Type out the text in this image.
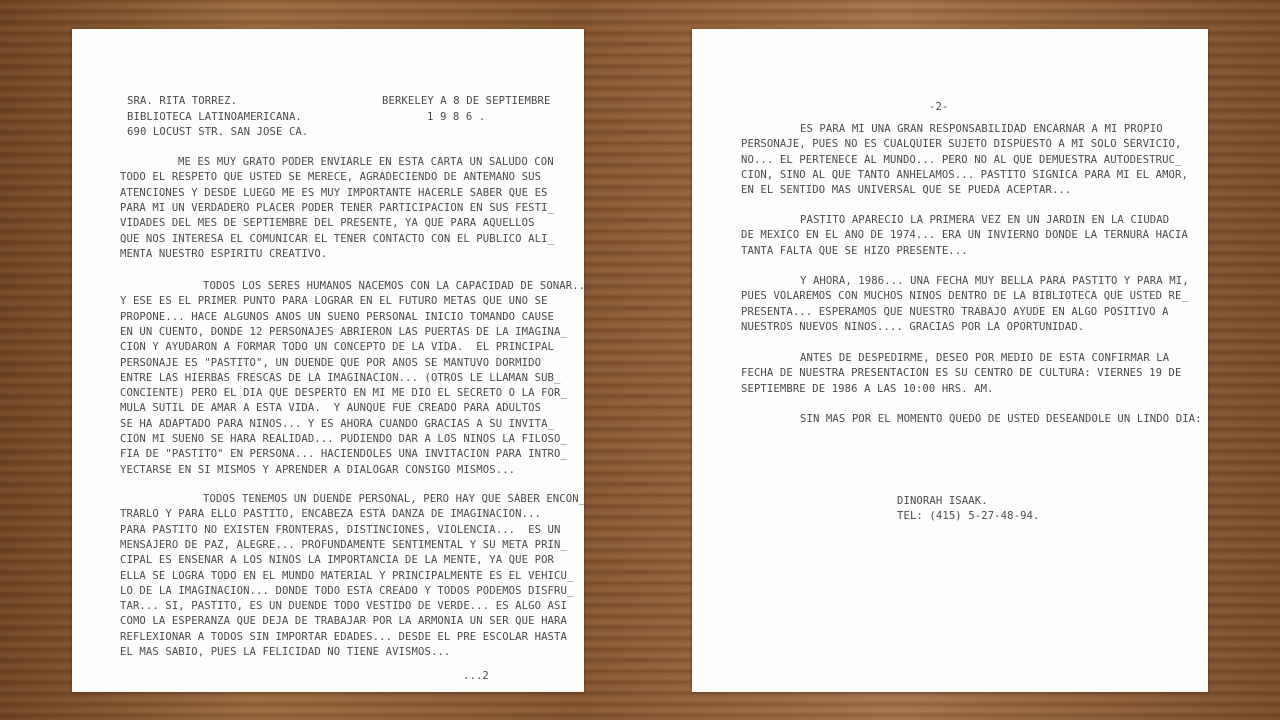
SRA. RITA TORREZ.
BIBLIOTECA LATINOAMERICANA.
690 LOCUST STR. SAN JOSE CA.
BERKELEY A 8 DE SEPTIEMBRE
1 9 8 6 .
ME ES MUY GRATO PODER ENVIARLE EN ESTA CARTA UN SALUDO CON
TODO EL RESPETO QUE USTED SE MERECE, AGRADECIENDO DE ANTEMANO SUS
ATENCIONES Y DESDE LUEGO ME ES MUY IMPORTANTE HACERLE SABER QUE ES
PARA MI UN VERDADERO PLACER PODER TENER PARTICIPACION EN SUS FESTI_
VIDADES DEL MES DE SEPTIEMBRE DEL PRESENTE, YA QUE PARA AQUELLOS
QUE NOS INTERESA EL COMUNICAR EL TENER CONTACTO CON EL PUBLICO ALI_
MENTA NUESTRO ESPIRITU CREATIVO.
TODOS LOS SERES HUMANOS NACEMOS CON LA CAPACIDAD DE SONAR...
Y ESE ES EL PRIMER PUNTO PARA LOGRAR EN EL FUTURO METAS QUE UNO SE
PROPONE... HACE ALGUNOS ANOS UN SUENO PERSONAL INICIO TOMANDO CAUSE
EN UN CUENTO, DONDE 12 PERSONAJES ABRIERON LAS PUERTAS DE LA IMAGINA_
CION Y AYUDARON A FORMAR TODO UN CONCEPTO DE LA VIDA.  EL PRINCIPAL
PERSONAJE ES "PASTITO", UN DUENDE QUE POR ANOS SE MANTUVO DORMIDO
ENTRE LAS HIERBAS FRESCAS DE LA IMAGINACION... (OTROS LE LLAMAN SUB_
CONCIENTE) PERO EL DIA QUE DESPERTO EN MI ME DIO EL SECRETO O LA FOR_
MULA SUTIL DE AMAR A ESTA VIDA.  Y AUNQUE FUE CREADO PARA ADULTOS
SE HA ADAPTADO PARA NINOS... Y ES AHORA CUANDO GRACIAS A SU INVITA_
CION MI SUENO SE HARA REALIDAD... PUDIENDO DAR A LOS NINOS LA FILOSO_
FIA DE "PASTITO" EN PERSONA... HACIENDOLES UNA INVITACION PARA INTRO_
YECTARSE EN SI MISMOS Y APRENDER A DIALOGAR CONSIGO MISMOS...
TODOS TENEMOS UN DUENDE PERSONAL, PERO HAY QUE SABER ENCON_
TRARLO Y PARA ELLO PASTITO, ENCABEZA ESTA DANZA DE IMAGINACION...
PARA PASTITO NO EXISTEN FRONTERAS, DISTINCIONES, VIOLENCIA...  ES UN
MENSAJERO DE PAZ, ALEGRE... PROFUNDAMENTE SENTIMENTAL Y SU META PRIN_
CIPAL ES ENSENAR A LOS NINOS LA IMPORTANCIA DE LA MENTE, YA QUE POR
ELLA SE LOGRA TODO EN EL MUNDO MATERIAL Y PRINCIPALMENTE ES EL VEHICU_
LO DE LA IMAGINACION... DONDE TODO ESTA CREADO Y TODOS PODEMOS DISFRU_
TAR... SI, PASTITO, ES UN DUENDE TODO VESTIDO DE VERDE... ES ALGO ASI
COMO LA ESPERANZA QUE DEJA DE TRABAJAR POR LA ARMONIA UN SER QUE HARA
REFLEXIONAR A TODOS SIN IMPORTAR EDADES... DESDE EL PRE ESCOLAR HASTA
EL MAS SABIO, PUES LA FELICIDAD NO TIENE AVISMOS...
...2
-2-
ES PARA MI UNA GRAN RESPONSABILIDAD ENCARNAR A MI PROPIO
PERSONAJE, PUES NO ES CUALQUIER SUJETO DISPUESTO A MI SOLO SERVICIO,
NO... EL PERTENECE AL MUNDO... PERO NO AL QUE DEMUESTRA AUTODESTRUC_
CION, SINO AL QUE TANTO ANHELAMOS... PASTITO SIGNICA PARA MI EL AMOR,
EN EL SENTIDO MAS UNIVERSAL QUE SE PUEDA ACEPTAR...
PASTITO APARECIO LA PRIMERA VEZ EN UN JARDIN EN LA CIUDAD
DE MEXICO EN EL ANO DE 1974... ERA UN INVIERNO DONDE LA TERNURA HACIA
TANTA FALTA QUE SE HIZO PRESENTE...
Y AHORA, 1986... UNA FECHA MUY BELLA PARA PASTITO Y PARA MI,
PUES VOLAREMOS CON MUCHOS NINOS DENTRO DE LA BIBLIOTECA QUE USTED RE_
PRESENTA... ESPERAMOS QUE NUESTRO TRABAJO AYUDE EN ALGO POSITIVO A
NUESTROS NUEVOS NINOS.... GRACIAS POR LA OPORTUNIDAD.
ANTES DE DESPEDIRME, DESEO POR MEDIO DE ESTA CONFIRMAR LA
FECHA DE NUESTRA PRESENTACION ES SU CENTRO DE CULTURA: VIERNES 19 DE
SEPTIEMBRE DE 1986 A LAS 10:00 HRS. AM.
SIN MAS POR EL MOMENTO QUEDO DE USTED DESEANDOLE UN LINDO DIA:
DINORAH ISAAK.
TEL: (415) 5-27-48-94.
